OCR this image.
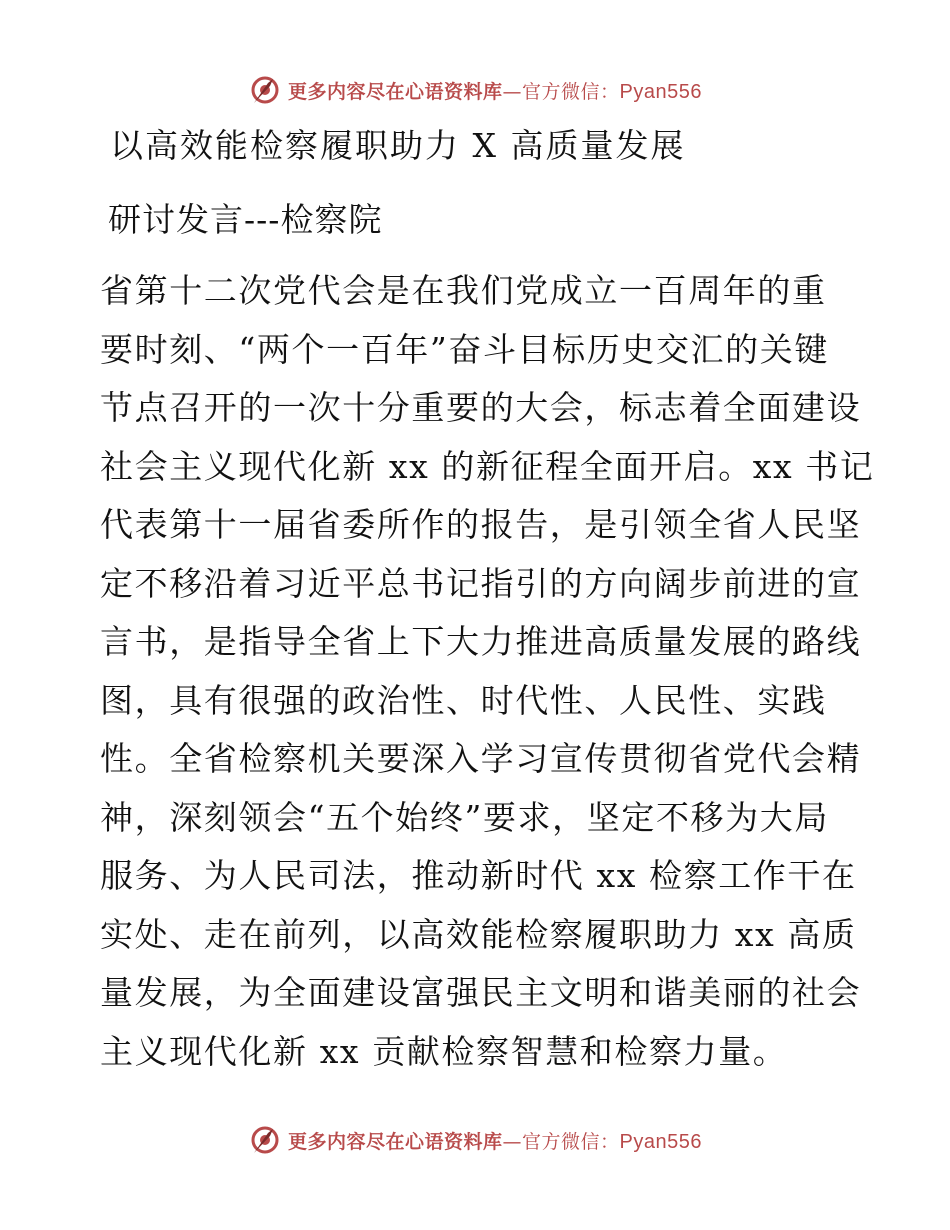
更多内容尽在心语资料库—官方微信：Pyan556
以高效能检察履职助力 X 高质量发展
研讨发言---检察院
省第十二次党代会是在我们党成立一百周年的重
要时刻、“两个一百年”奋斗目标历史交汇的关键
节点召开的一次十分重要的大会，标志着全面建设
社会主义现代化新 xx 的新征程全面开启。xx 书记
代表第十一届省委所作的报告，是引领全省人民坚
定不移沿着习近平总书记指引的方向阔步前进的宣
言书，是指导全省上下大力推进高质量发展的路线
图，具有很强的政治性、时代性、人民性、实践
性。全省检察机关要深入学习宣传贯彻省党代会精
神，深刻领会“五个始终”要求，坚定不移为大局
服务、为人民司法，推动新时代 xx 检察工作干在
实处、走在前列，以高效能检察履职助力 xx 高质
量发展，为全面建设富强民主文明和谐美丽的社会
主义现代化新 xx 贡献检察智慧和检察力量。
更多内容尽在心语资料库—官方微信：Pyan556
